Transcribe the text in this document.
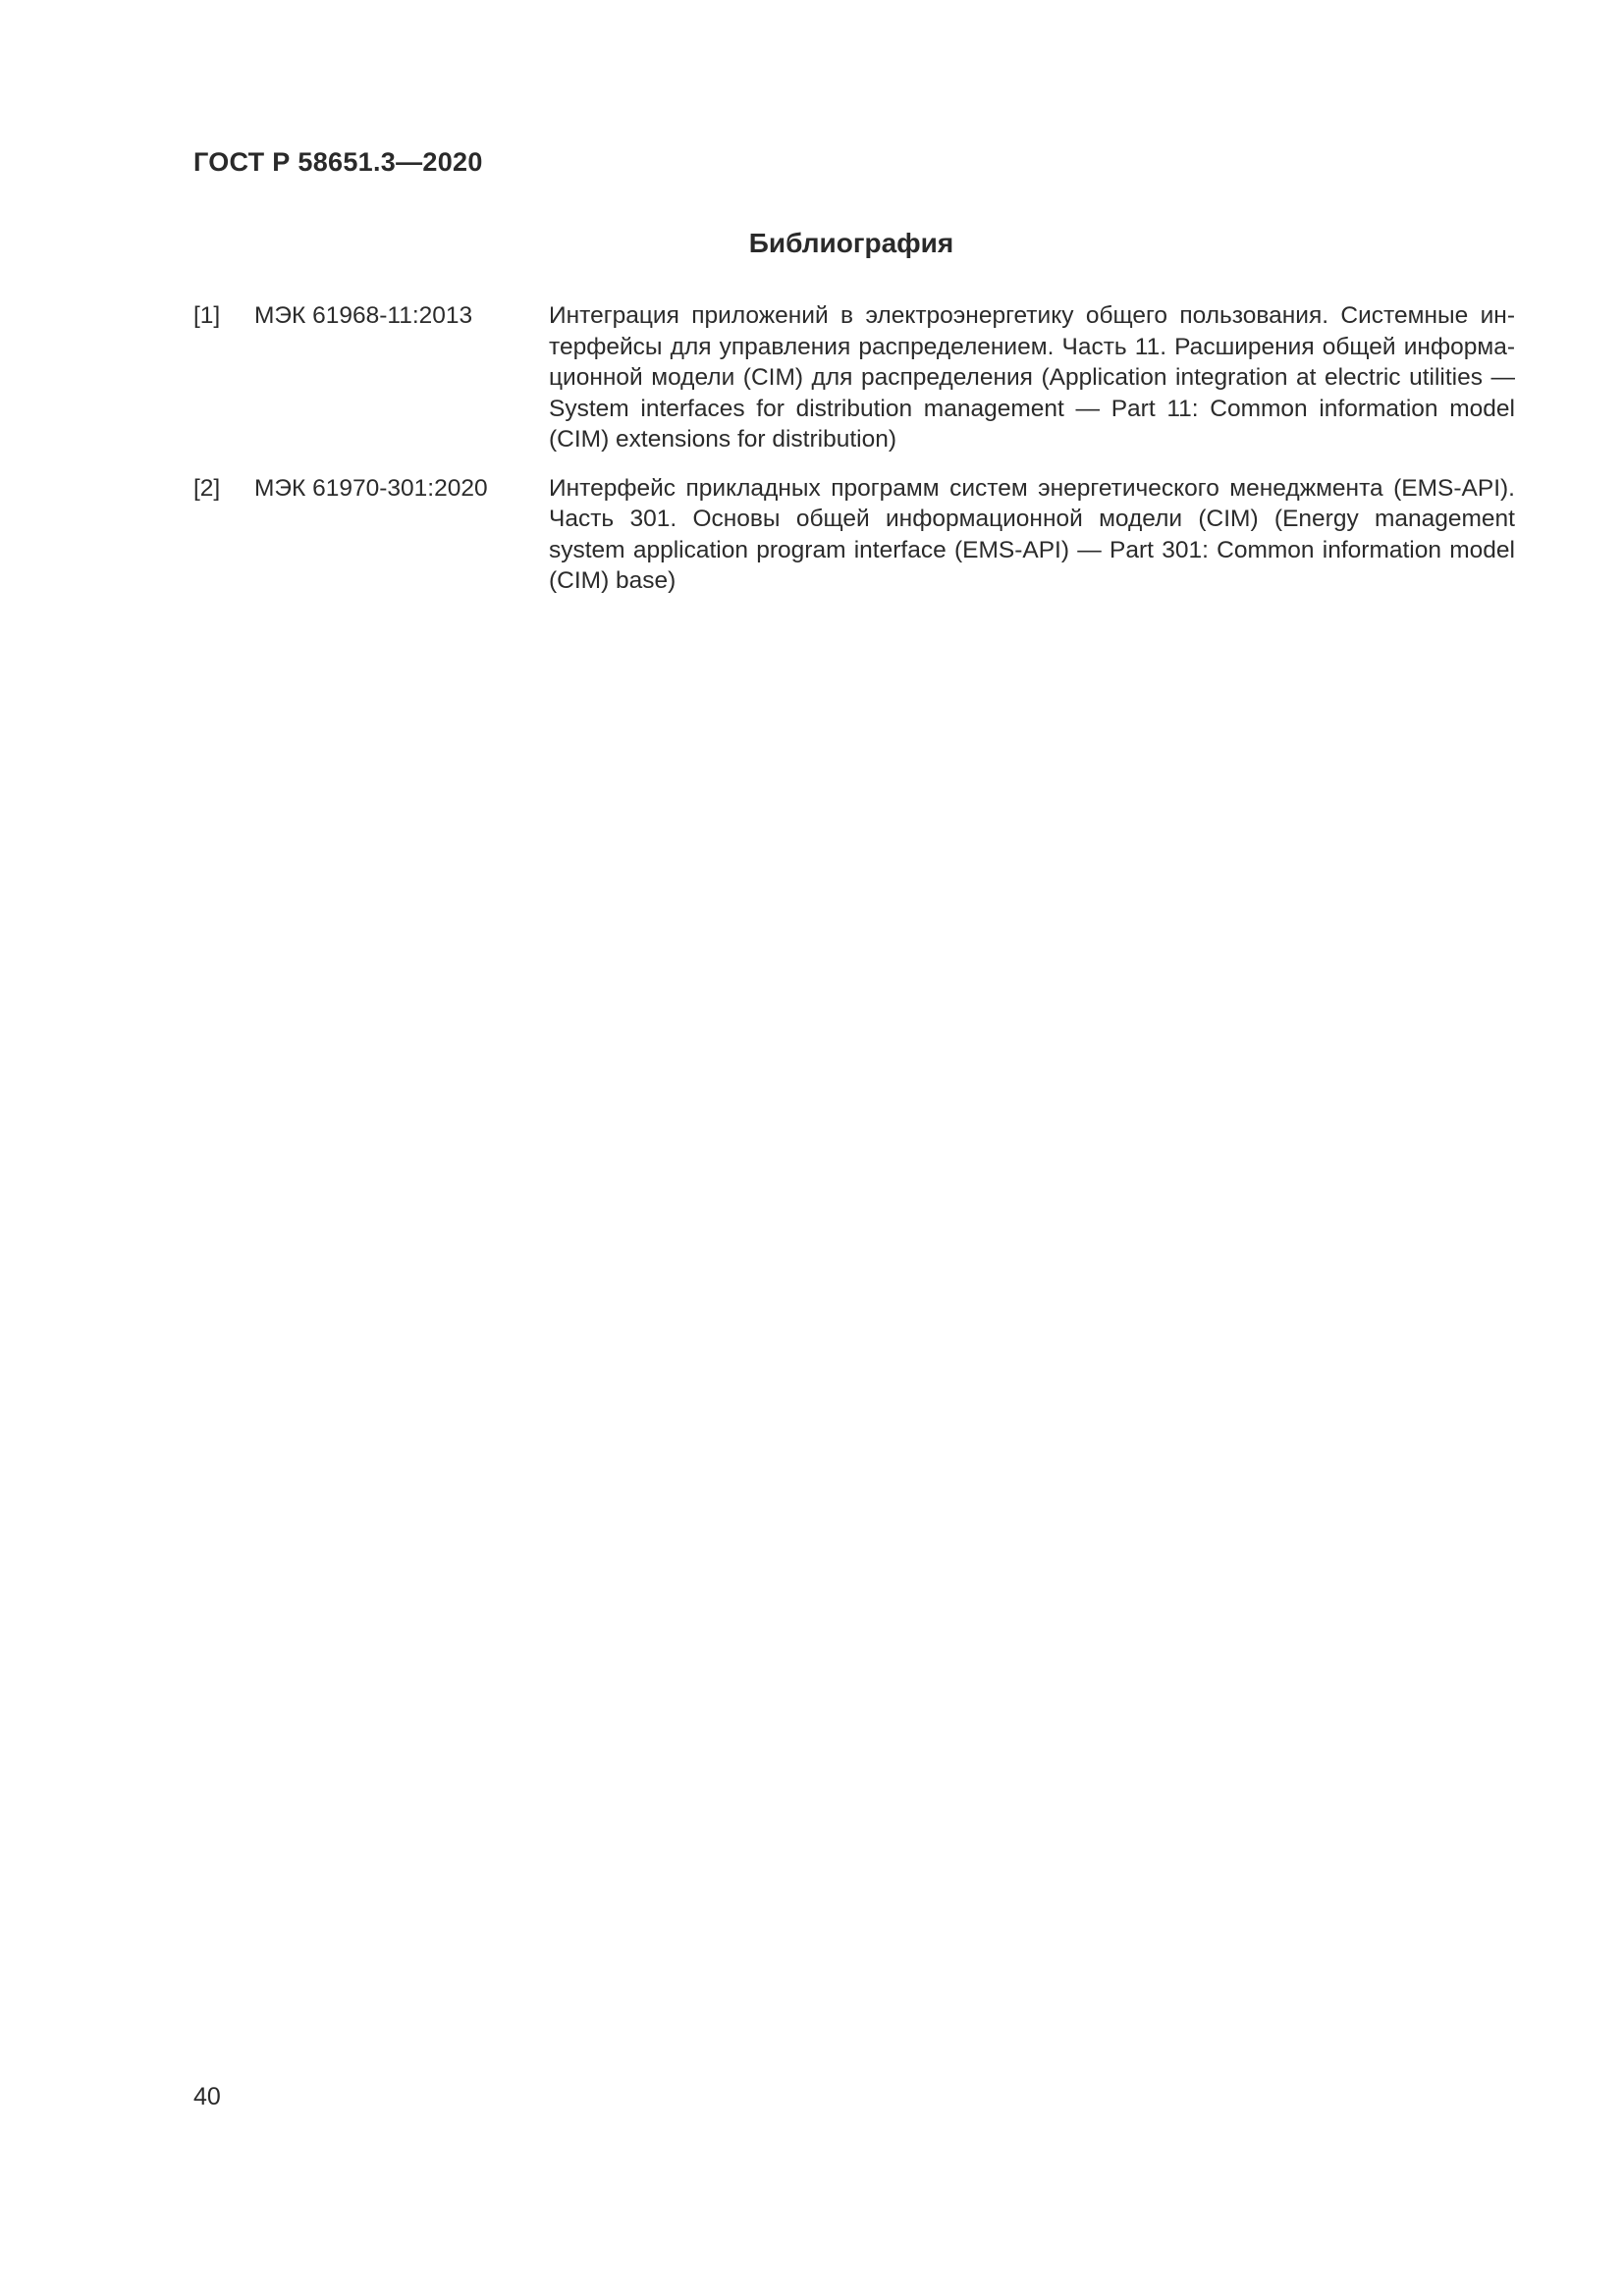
ГОСТ Р 58651.3—2020
Библиография
[1]	МЭК 61968-11:2013	Интеграция приложений в электроэнергетику общего пользования. Системные интерфейсы для управления распределением. Часть 11. Расширения общей информационной модели (CIM) для распределения (Application integration at electric utilities — System interfaces for distribution management — Part 11: Common information model (CIM) extensions for distribution)
[2]	МЭК 61970-301:2020	Интерфейс прикладных программ систем энергетического менеджмента (EMS-API). Часть 301. Основы общей информационной модели (CIM) (Energy management system application program interface (EMS-API) — Part 301: Common information model (CIM) base)
40
